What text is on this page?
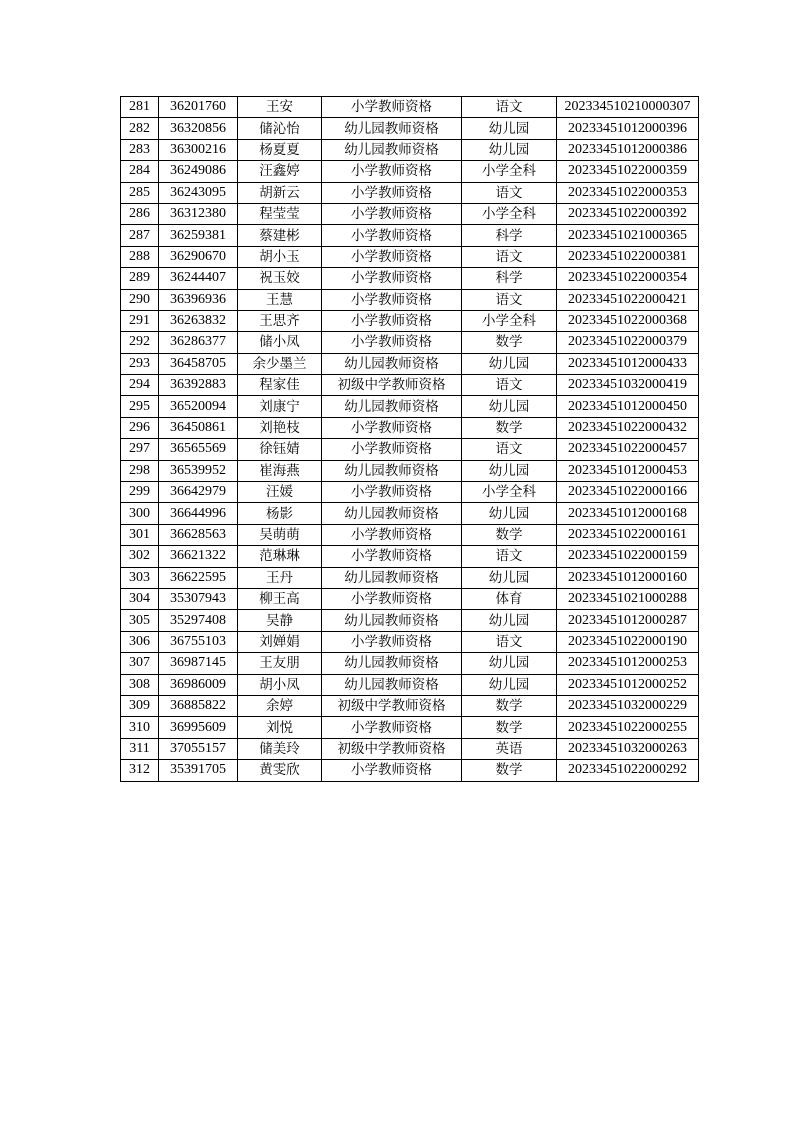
281	36201760	王安	小学教师资格	语文	202334510210000307
282	36320856	储沁怡	幼儿园教师资格	幼儿园	20233451012000396
283	36300216	杨夏夏	幼儿园教师资格	幼儿园	20233451012000386
284	36249086	汪鑫婷	小学教师资格	小学全科	20233451022000359
285	36243095	胡新云	小学教师资格	语文	20233451022000353
286	36312380	程莹莹	小学教师资格	小学全科	20233451022000392
287	36259381	蔡建彬	小学教师资格	科学	20233451021000365
288	36290670	胡小玉	小学教师资格	语文	20233451022000381
289	36244407	祝玉姣	小学教师资格	科学	20233451022000354
290	36396936	王慧	小学教师资格	语文	20233451022000421
291	36263832	王思齐	小学教师资格	小学全科	20233451022000368
292	36286377	储小凤	小学教师资格	数学	20233451022000379
293	36458705	余少墨兰	幼儿园教师资格	幼儿园	20233451012000433
294	36392883	程家佳	初级中学教师资格	语文	20233451032000419
295	36520094	刘康宁	幼儿园教师资格	幼儿园	20233451012000450
296	36450861	刘艳枝	小学教师资格	数学	20233451022000432
297	36565569	徐钰婧	小学教师资格	语文	20233451022000457
298	36539952	崔海燕	幼儿园教师资格	幼儿园	20233451012000453
299	36642979	汪媛	小学教师资格	小学全科	20233451022000166
300	36644996	杨影	幼儿园教师资格	幼儿园	20233451012000168
301	36628563	吴萌萌	小学教师资格	数学	20233451022000161
302	36621322	范琳琳	小学教师资格	语文	20233451022000159
303	36622595	王丹	幼儿园教师资格	幼儿园	20233451012000160
304	35307943	柳王高	小学教师资格	体育	20233451021000288
305	35297408	吴静	幼儿园教师资格	幼儿园	20233451012000287
306	36755103	刘婵娟	小学教师资格	语文	20233451022000190
307	36987145	王友朋	幼儿园教师资格	幼儿园	20233451012000253
308	36986009	胡小凤	幼儿园教师资格	幼儿园	20233451012000252
309	36885822	余婷	初级中学教师资格	数学	20233451032000229
310	36995609	刘悦	小学教师资格	数学	20233451022000255
311	37055157	储美玲	初级中学教师资格	英语	20233451032000263
312	35391705	黄雯欣	小学教师资格	数学	20233451022000292
